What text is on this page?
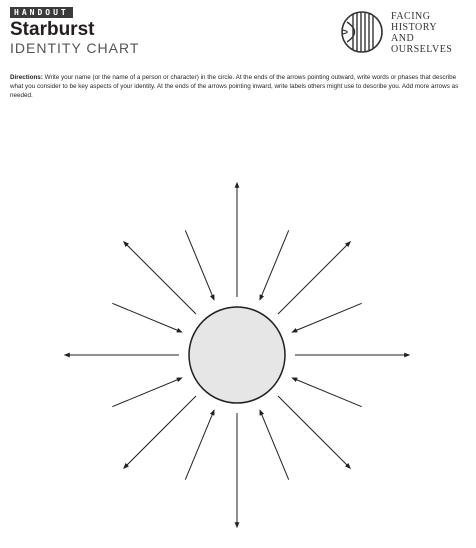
HANDOUT
Starburst
IDENTITY CHART
FACING
HISTORY
AND
OURSELVES
Directions: Write your name (or the name of a person or character) in the circle. At the ends of the arrows pointing outward, write words or phases that describe what you consider to be key aspects of your identity. At the ends of the arrows pointing inward, write labels others might use to describe you. Add more arrows as needed.
